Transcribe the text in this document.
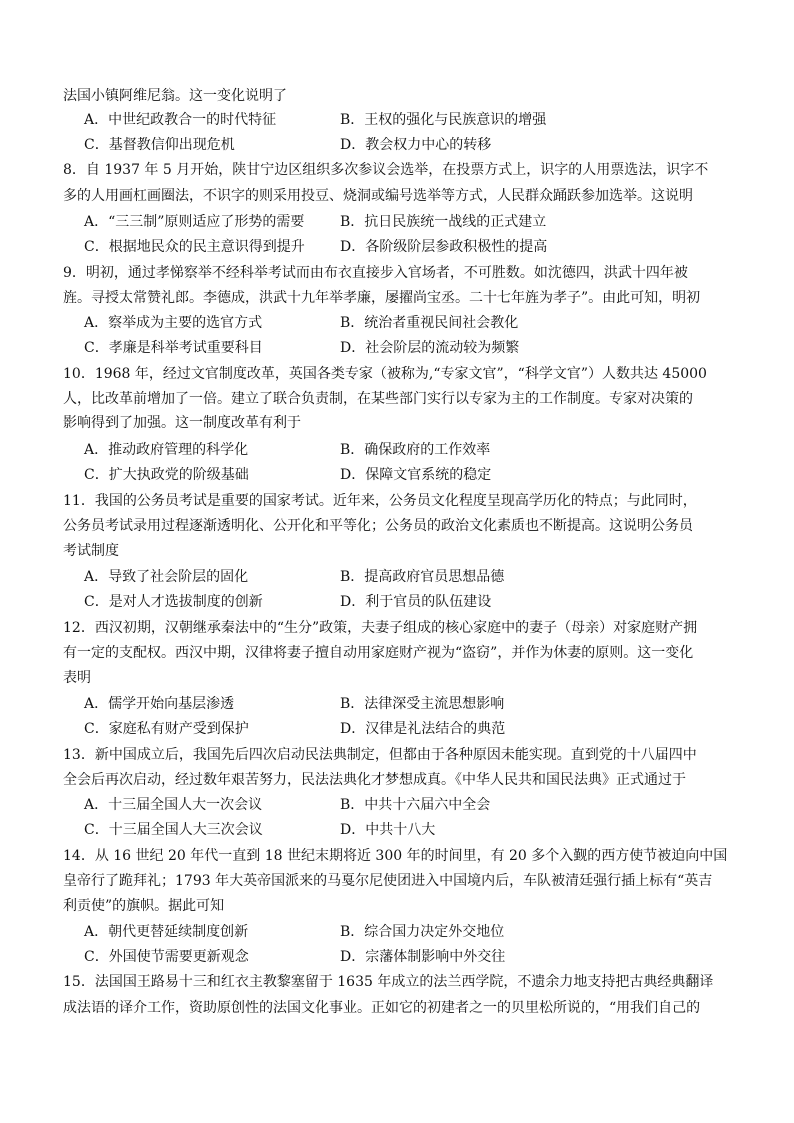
法国小镇阿维尼翁。这一变化说明了
A．中世纪政教合一的时代特征	B．王权的强化与民族意识的增强
C．基督教信仰出现危机	D．教会权力中心的转移
8．自 1937 年 5 月开始，陕甘宁边区组织多次参议会选举，在投票方式上，识字的人用票选法，识字不
多的人用画杠画圈法，不识字的则采用投豆、烧洞或编号选举等方式，人民群众踊跃参加选举。这说明
A．“三三制”原则适应了形势的需要	B．抗日民族统一战线的正式建立
C．根据地民众的民主意识得到提升	D．各阶级阶层参政积极性的提高
9．明初，通过孝悌察举不经科举考试而由布衣直接步入官场者，不可胜数。如沈德四，洪武十四年被
旌。寻授太常赞礼郎。李德成，洪武十九年举孝廉，屡擢尚宝丞。二十七年旌为孝子”。由此可知，明初
A．察举成为主要的选官方式	B．统治者重视民间社会教化
C．孝廉是科举考试重要科目	D．社会阶层的流动较为频繁
10．1968 年，经过文官制度改革，英国各类专家（被称为,“专家文官”，“科学文官”）人数共达 45000
人，比改革前增加了一倍。建立了联合负责制，在某些部门实行以专家为主的工作制度。专家对决策的
影响得到了加强。这一制度改革有利于
A．推动政府管理的科学化	B．确保政府的工作效率
C．扩大执政党的阶级基础	D．保障文官系统的稳定
11．我国的公务员考试是重要的国家考试。近年来，公务员文化程度呈现高学历化的特点；与此同时，
公务员考试录用过程逐渐透明化、公开化和平等化；公务员的政治文化素质也不断提高。这说明公务员
考试制度
A．导致了社会阶层的固化	B．提高政府官员思想品德
C．是对人才选拔制度的创新	D．利于官员的队伍建设
12．西汉初期，汉朝继承秦法中的“生分”政策，夫妻子组成的核心家庭中的妻子（母亲）对家庭财产拥
有一定的支配权。西汉中期，汉律将妻子擅自动用家庭财产视为“盗窃”，并作为休妻的原则。这一变化
表明
A．儒学开始向基层渗透	B．法律深受主流思想影响
C．家庭私有财产受到保护	D．汉律是礼法结合的典范
13．新中国成立后，我国先后四次启动民法典制定，但都由于各种原因未能实现。直到党的十八届四中
全会后再次启动，经过数年艰苦努力，民法法典化才梦想成真。《中华人民共和国民法典》正式通过于
A．十三届全国人大一次会议	B．中共十六届六中全会
C．十三届全国人大三次会议	D．中共十八大
14．从 16 世纪 20 年代一直到 18 世纪末期将近 300 年的时间里，有 20 多个入觐的西方使节被迫向中国
皇帝行了跪拜礼；1793 年大英帝国派来的马戛尔尼使团进入中国境内后，车队被清廷强行插上标有“英吉
利贡使”的旗帜。据此可知
A．朝代更替延续制度创新	B．综合国力决定外交地位
C．外国使节需要更新观念	D．宗藩体制影响中外交往
15．法国国王路易十三和红衣主教黎塞留于 1635 年成立的法兰西学院，不遗余力地支持把古典经典翻译
成法语的译介工作，资助原创性的法国文化事业。正如它的初建者之一的贝里松所说的，“用我们自己的
